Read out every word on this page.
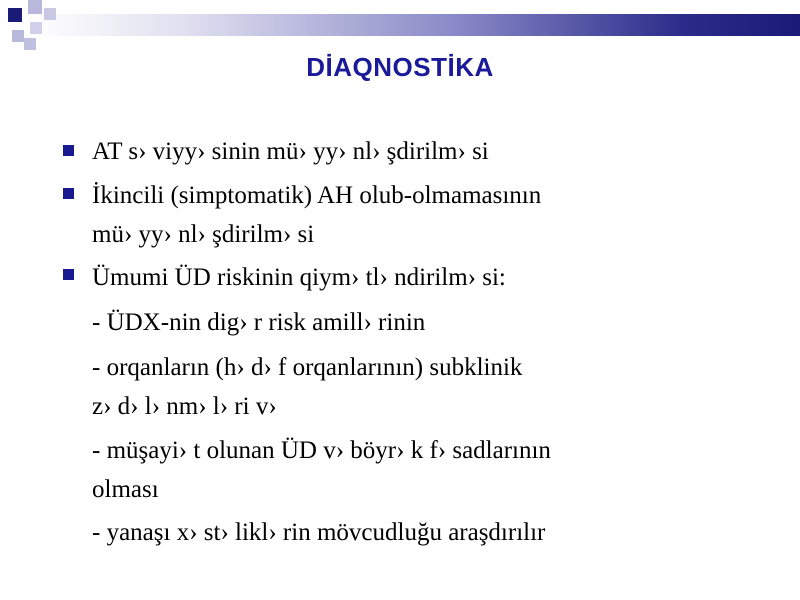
DİAQNOSTİKA
AT s› viyy› sinin mü› yy› nl› şdirilm› si
İkincili (simptomatik) AH olub-olmamasının
mü› yy› nl› şdirilm› si
Ümumi ÜD riskinin qiym› tl› ndirilm› si:
- ÜDX-nin dig› r risk amill› rinin
- orqanların (h› d› f orqanlarının) subklinik
z› d› l› nm› l› ri v›
- müşayi› t olunan ÜD v› böyr› k f› sadlarının
olması
- yanaşı x› st› likl› rin mövcudluğu araşdırılır
